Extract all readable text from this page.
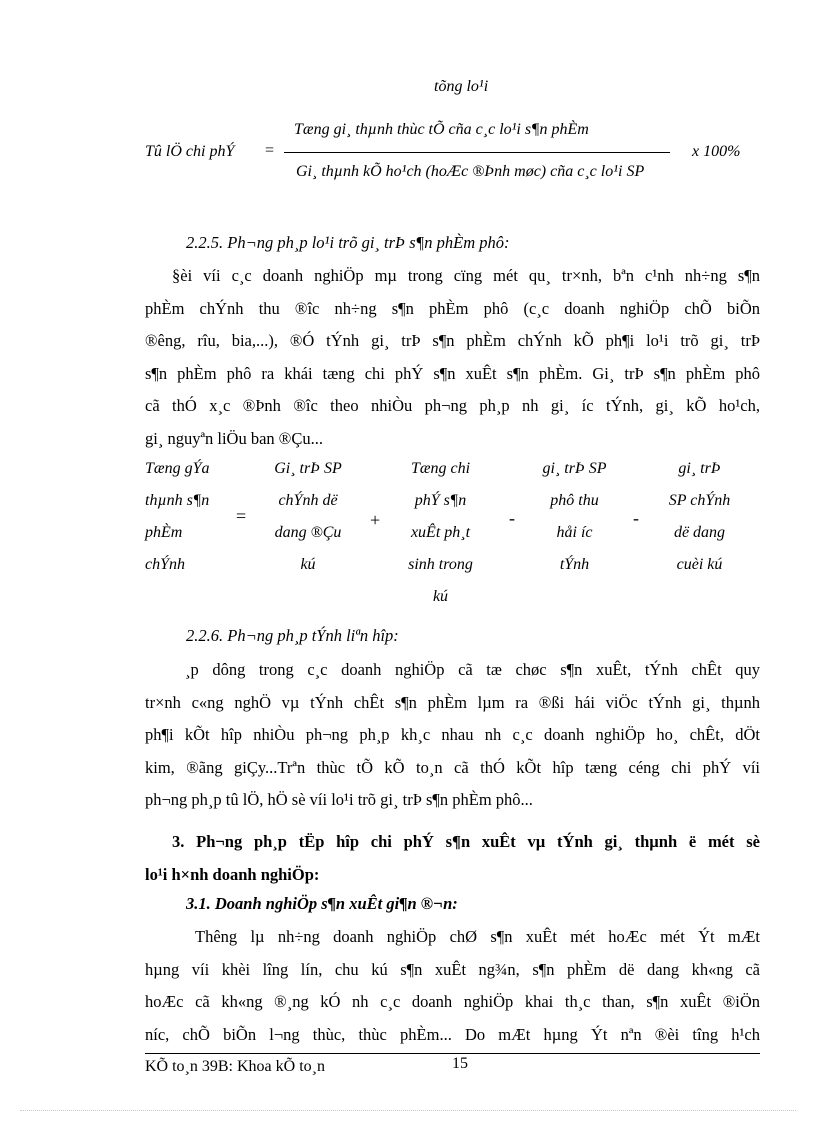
tõng lo¹i
Tû lÖ chi phÝ =
Tæng gi¸ thµnh thùc tÕ cña c¸c lo¹i s¶n phÈm
Gi¸ thµnh kÕ ho¹ch (hoÆc ®Þnh møc) cña c¸c lo¹i SP
x 100%
2.2.5. Ph¬ng ph¸p lo¹i trõ gi¸ trÞ s¶n phÈm phô:
§èi víi c¸c doanh nghiÖp mµ trong cïng mét qu¸ tr×nh, bªn c¹nh nh÷ng s¶n
phÈm chÝnh thu ®îc nh÷ng s¶n phÈm phô (c¸c doanh nghiÖp chÕ biÕn
®êng, rîu, bia,...), ®Ó tÝnh gi¸ trÞ s¶n phÈm chÝnh kÕ ph¶i lo¹i trõ gi¸ trÞ
s¶n phÈm phô ra khái tæng chi phÝ s¶n xuÊt s¶n phÈm. Gi¸ trÞ s¶n phÈm phô
cã thÓ x¸c ®Þnh ®îc theo nhiÒu ph¬ng ph¸p nh gi¸ íc tÝnh, gi¸ kÕ ho¹ch,
gi¸ nguyªn liÖu ban ®Çu...
Tæng gÝa
thµnh s¶n
phÈm
chÝnh
=
Gi¸ trÞ SP
chÝnh dë
dang ®Çu
kú
+
Tæng chi
phÝ s¶n
xuÊt ph¸t
sinh trong
kú
-
gi¸ trÞ SP
phô thu
håi íc
tÝnh
-
gi¸ trÞ
SP chÝnh
dë dang
cuèi kú
2.2.6. Ph¬ng ph¸p tÝnh liªn hîp:
¸p dông trong c¸c doanh nghiÖp cã tæ chøc s¶n xuÊt, tÝnh chÊt quy
tr×nh c«ng nghÖ vµ tÝnh chÊt s¶n phÈm lµm ra ®ßi hái viÖc tÝnh gi¸ thµnh
ph¶i kÕt hîp nhiÒu ph¬ng ph¸p kh¸c nhau nh c¸c doanh nghiÖp ho¸ chÊt, dÖt
kim, ®ãng giÇy...Trªn thùc tÕ kÕ to¸n cã thÓ kÕt hîp tæng céng chi phÝ víi
ph¬ng ph¸p tû lÖ, hÖ sè víi lo¹i trõ gi¸ trÞ s¶n phÈm phô...
3. Ph¬ng ph¸p tËp hîp chi phÝ s¶n xuÊt vµ tÝnh gi¸ thµnh ë mét sè
lo¹i h×nh doanh nghiÖp:
3.1. Doanh nghiÖp s¶n xuÊt gi¶n ®¬n:
Thêng lµ nh÷ng doanh nghiÖp chØ s¶n xuÊt mét hoÆc mét Ýt mÆt
hµng víi khèi lîng lín, chu kú s¶n xuÊt ng¾n, s¶n phÈm dë dang kh«ng cã
hoÆc cã kh«ng ®¸ng kÓ nh c¸c doanh nghiÖp khai th¸c than, s¶n xuÊt ®iÖn
níc, chÕ biÕn l¬ng thùc, thùc phÈm... Do mÆt hµng Ýt nªn ®èi tîng h¹ch
KÕ to¸n 39B: Khoa kÕ to¸n	15
